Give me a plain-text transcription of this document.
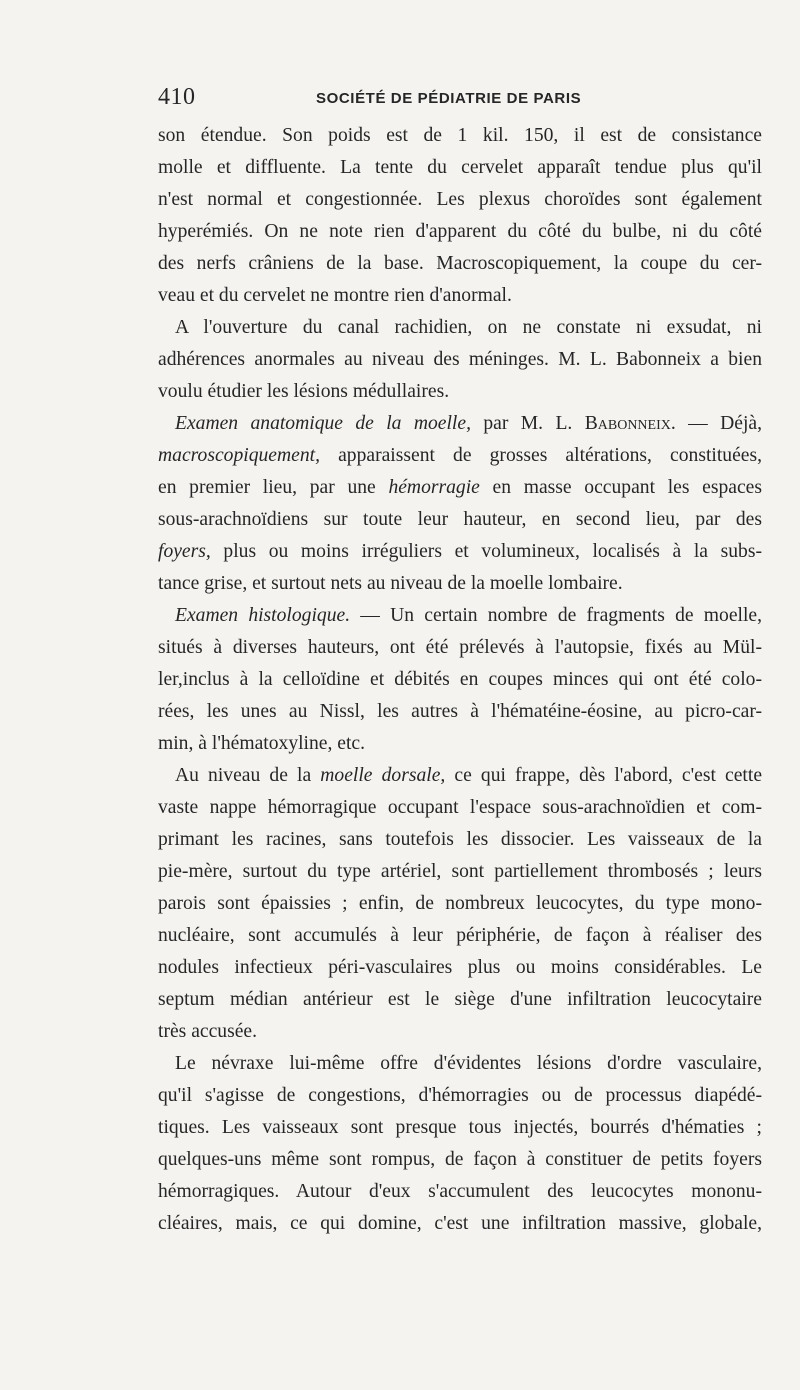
410	SOCIÉTÉ DE PÉDIATRIE DE PARIS
son étendue. Son poids est de 1 kil. 150, il est de consistance
molle et diffluente. La tente du cervelet apparaît tendue plus qu'il
n'est normal et congestionnée. Les plexus choroïdes sont également
hyperémiés. On ne note rien d'apparent du côté du bulbe, ni du côté
des nerfs crâniens de la base. Macroscopiquement, la coupe du cer-
veau et du cervelet ne montre rien d'anormal.
A l'ouverture du canal rachidien, on ne constate ni exsudat, ni
adhérences anormales au niveau des méninges. M. L. Babonneix a bien
voulu étudier les lésions médullaires.
Examen anatomique de la moelle, par M. L. Babonneix. — Déjà,
macroscopiquement, apparaissent de grosses altérations, constituées,
en premier lieu, par une hémorragie en masse occupant les espaces
sous-arachnoïdiens sur toute leur hauteur, en second lieu, par des
foyers, plus ou moins irréguliers et volumineux, localisés à la subs-
tance grise, et surtout nets au niveau de la moelle lombaire.
Examen histologique. — Un certain nombre de fragments de moelle,
situés à diverses hauteurs, ont été prélevés à l'autopsie, fixés au Mül-
ler,inclus à la celloïdine et débités en coupes minces qui ont été colo-
rées, les unes au Nissl, les autres à l'hématéine-éosine, au picro-car-
min, à l'hématoxyline, etc.
Au niveau de la moelle dorsale, ce qui frappe, dès l'abord, c'est cette
vaste nappe hémorragique occupant l'espace sous-arachnoïdien et com-
primant les racines, sans toutefois les dissocier. Les vaisseaux de la
pie-mère, surtout du type artériel, sont partiellement thrombosés ; leurs
parois sont épaissies ; enfin, de nombreux leucocytes, du type mono-
nucléaire, sont accumulés à leur périphérie, de façon à réaliser des
nodules infectieux péri-vasculaires plus ou moins considérables. Le
septum médian antérieur est le siège d'une infiltration leucocytaire
très accusée.
Le névraxe lui-même offre d'évidentes lésions d'ordre vasculaire,
qu'il s'agisse de congestions, d'hémorragies ou de processus diapédé-
tiques. Les vaisseaux sont presque tous injectés, bourrés d'hématies ;
quelques-uns même sont rompus, de façon à constituer de petits foyers
hémorragiques. Autour d'eux s'accumulent des leucocytes mononu-
cléaires, mais, ce qui domine, c'est une infiltration massive, globale,
